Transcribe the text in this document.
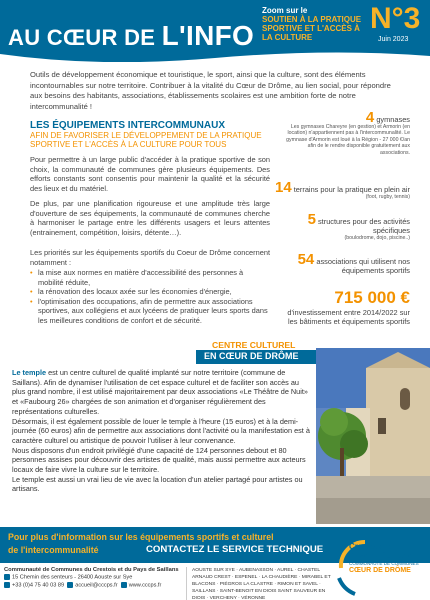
AU CŒUR DE L'INFO
Zoom sur le
SOUTIEN À LA PRATIQUE SPORTIVE ET L'ACCÈS À LA CULTURE
N°3
Juin 2023

Outils de développement économique et touristique, le sport, ainsi que la culture, sont des éléments incontournables sur notre territoire. Contribuer à la vitalité du Cœur de Drôme, au lien social, pour répondre aux besoins des habitants, associations, établissements scolaires est une ambition forte de notre intercommunalité !

LES ÉQUIPEMENTS INTERCOMMUNAUX
AFIN DE FAVORISER LE DÉVELOPPEMENT DE LA PRATIQUE SPORTIVE ET L'ACCÈS À LA CULTURE POUR TOUS

Pour permettre à un large public d'accéder à la pratique sportive de son choix, la communauté de communes gère plusieurs équipements. Des efforts constants sont consentis pour maintenir la qualité et la sécurité des lieux et du matériel.

De plus, par une planification rigoureuse et une amplitude très large d'ouverture de ses équipements, la communauté de communes cherche à harmoniser le partage entre les différents usagers et leurs attentes (entrainement, compétition, loisirs, détente…).

Les priorités sur les équipements sportifs du Coeur de Drôme concernent notamment :

• la mise aux normes en matière d'accessibilité des personnes à mobilité réduite,
• la rénovation des locaux axée sur les économies d'énergie,
• l'optimisation des occupations, afin de permettre aux associations sportives, aux collégiens et aux lycéens de pratiquer leurs sports dans les meilleures conditions de confort et de sécurité.
4 gymnases
Les gymnases Chareyre (en gestion) et Armorin (en location) n'appartiennent pas à l'intercommunalité. Le gymnase d'Armorin est loué à la Région - 27 000 €/an afin de le rendre disponible gratuitement aux associations.
14 terrains pour la pratique en plein air
(foot, rugby, tennis)
5 structures pour des activités spécifiques
(boulodrome, dojo, piscine..)
54 associations qui utilisent nos équipements sportifs
715 000 €
d'investissement entre 2014/2022 sur les bâtiments et équipements sportifs
CENTRE CULTUREL
EN CŒUR DE DRÔME

Le temple est un centre culturel de qualité implanté sur notre territoire (commune de Saillans). Afin de dynamiser l'utilisation de cet espace culturel et de faciliter son accès au plus grand nombre, il est utilisé majoritairement par deux associations «Le Théâtre de Nuit» et «Faubourg 26» chargées de son animation et d'organiser régulièrement des représentations culturelles.

Désormais, il est également possible de louer le temple à l'heure (15 euros) et à la demi-journée (60 euros) afin de permettre aux associations dont l'activité ou la manifestation est à caractère culturel ou artistique de pouvoir l'utiliser à leur convenance.

Nous disposons d'un endroit privilégié d'une capacité de 124 personnes debout et 80 personnes assises pour découvrir des artistes de qualité, mais aussi permettre aux acteurs locaux de faire vivre la culture sur le territoire.

Le temple est aussi un vrai lieu de vie avec la location d'un atelier partagé pour artistes ou artisans.

Pour plus d'information sur les équipements sportifs et culturel
de l'intercommunalité	CONTACTEZ LE SERVICE TECHNIQUE	Crestois et
Pays de Saillans
COMMUNAUTÉ DE COMMUNES
CŒUR DE DRÔME
Communauté de Communes du Crestois et du Pays de Saillans
15 Chemin des senteurs - 26400 Aouste sur Sye
+33 (0)4 75 40 03 89 accueil@cccps.fr www.cccps.fr
AOUSTE SUR SYE · AUBENASSON · AUREL · CHASTEL ARNAUD CREST · ESPENEL · LA CHAUDIÈRE · MIRABEL ET BLACONS · PIÉGROS LA CLASTRE · RIMON ET SAVEL · SAILLANS · SAINT-BENOIT EN DIOIS SAINT SAUVEUR EN DIOIS · VERCHENY · VÉRONNE
